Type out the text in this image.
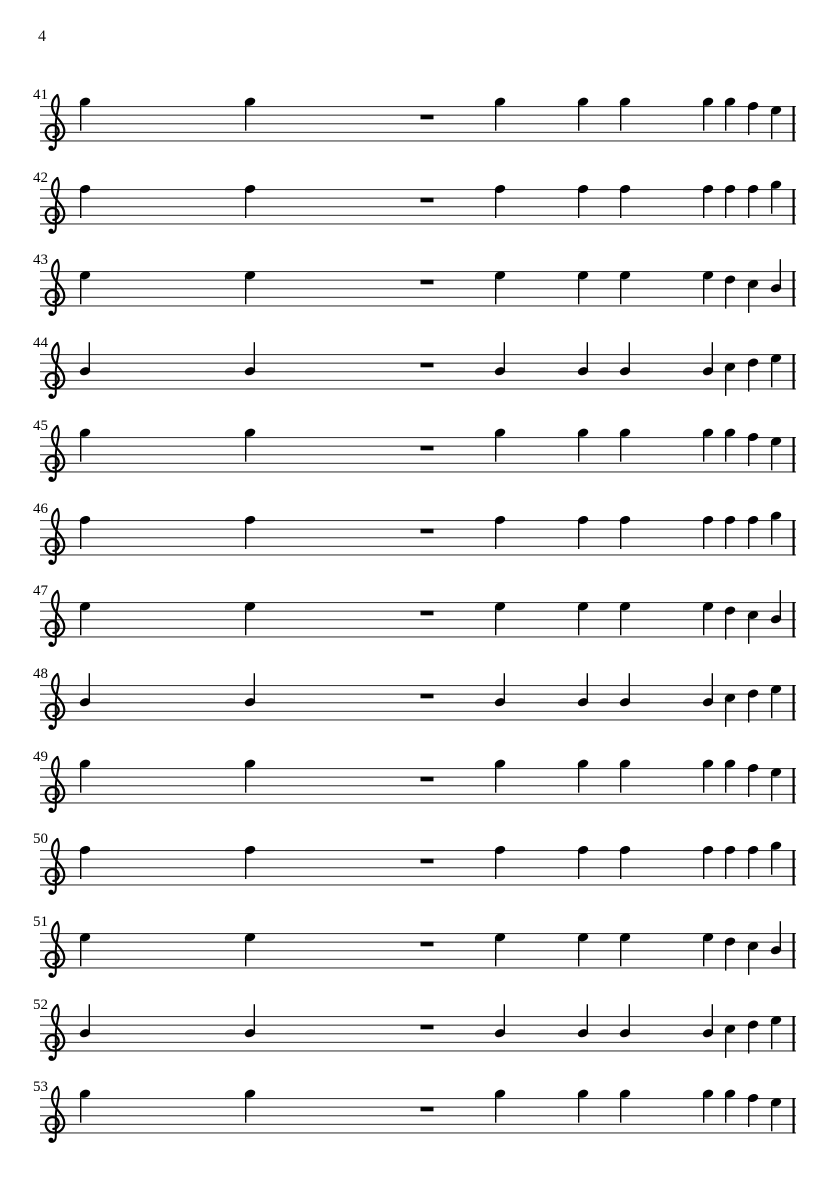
4
41
42
43
44
45
46
47
48
49
50
51
52
53
